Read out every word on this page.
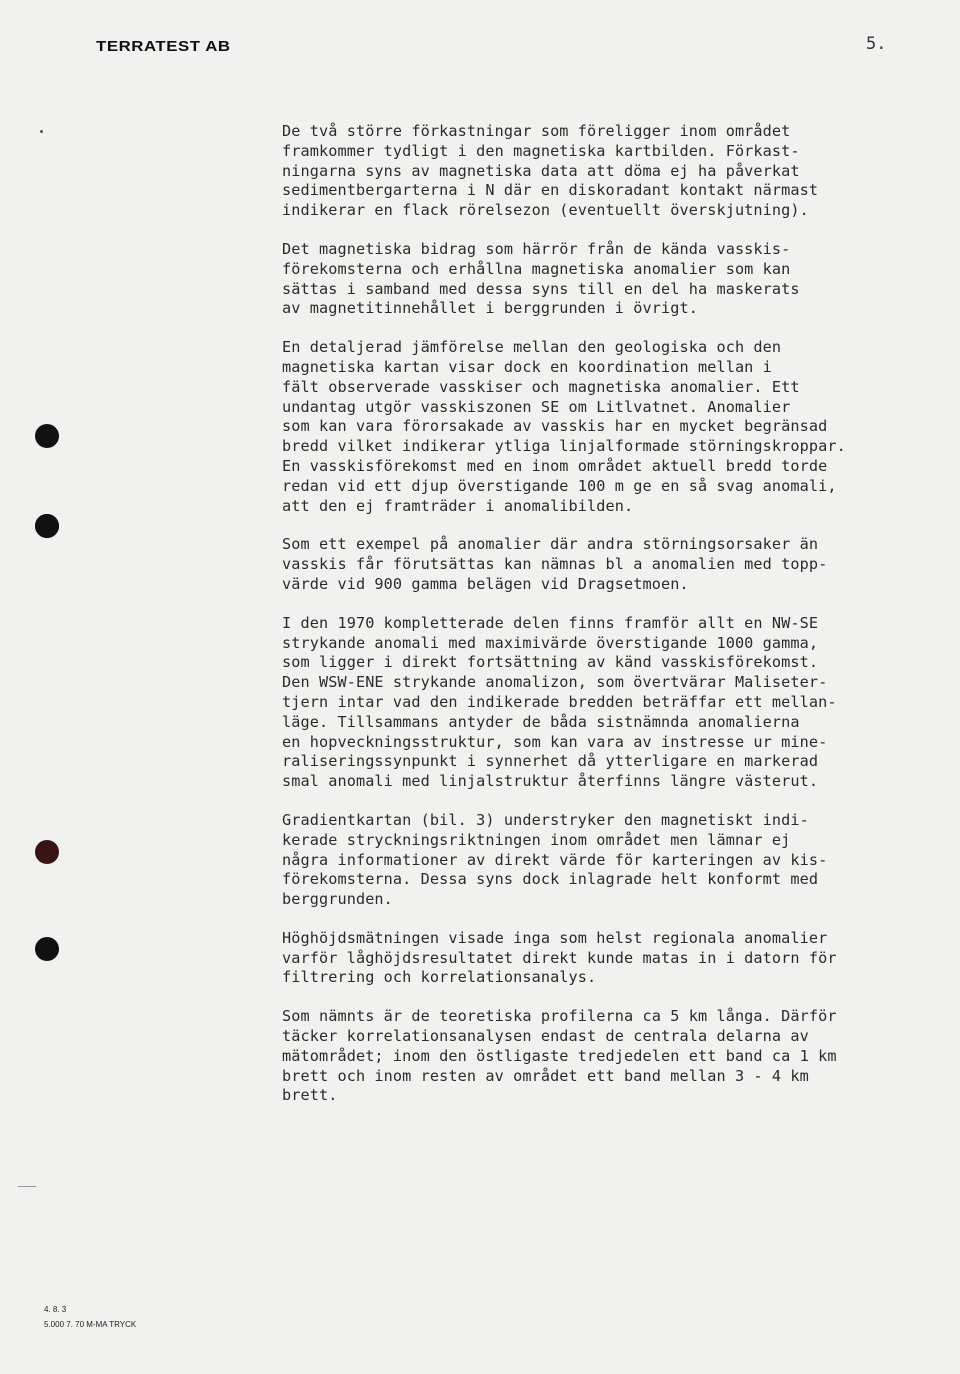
TERRATEST AB	5.
De två större förkastningar som föreligger inom området
framkommer tydligt i den magnetiska kartbilden. Förkast-
ningarna syns av magnetiska data att döma ej ha påverkat
sedimentbergarterna i N där en diskoradant kontakt närmast
indikerar en flack rörelsezon (eventuellt överskjutning).
Det magnetiska bidrag som härrör från de kända vasskis-
förekomsterna och erhållna magnetiska anomalier som kan
sättas i samband med dessa syns till en del ha maskerats
av magnetitinnehållet i berggrunden i övrigt.
En detaljerad jämförelse mellan den geologiska och den
magnetiska kartan visar dock en koordination mellan i
fält observerade vasskiser och magnetiska anomalier. Ett
undantag utgör vasskiszonen SE om Litlvatnet. Anomalier
som kan vara förorsakade av vasskis har en mycket begränsad
bredd vilket indikerar ytliga linjalformade störningskroppar.
En vasskisförekomst med en inom området aktuell bredd torde
redan vid ett djup överstigande 100 m ge en så svag anomali,
att den ej framträder i anomalibilden.
Som ett exempel på anomalier där andra störningsorsaker än
vasskis får förutsättas kan nämnas bl a anomalien med topp-
värde vid 900 gamma belägen vid Dragsetmoen.
I den 1970 kompletterade delen finns framför allt en NW-SE
strykande anomali med maximivärde överstigande 1000 gamma,
som ligger i direkt fortsättning av känd vasskisförekomst.
Den WSW-ENE strykande anomalizon, som övertvärar Maliseter-
tjern intar vad den indikerade bredden beträffar ett mellan-
läge. Tillsammans antyder de båda sistnämnda anomalierna
en hopveckningsstruktur, som kan vara av instresse ur mine-
raliseringssynpunkt i synnerhet då ytterligare en markerad
smal anomali med linjalstruktur återfinns längre västerut.
Gradientkartan (bil. 3) understryker den magnetiskt indi-
kerade stryckningsriktningen inom området men lämnar ej
några informationer av direkt värde för karteringen av kis-
förekomsterna. Dessa syns dock inlagrade helt konformt med
berggrunden.
Höghöjdsmätningen visade inga som helst regionala anomalier
varför låghöjdsresultatet direkt kunde matas in i datorn för
filtrering och korrelationsanalys.
Som nämnts är de teoretiska profilerna ca 5 km långa. Därför
täcker korrelationsanalysen endast de centrala delarna av
mätområdet; inom den östligaste tredjedelen ett band ca 1 km
brett och inom resten av området ett band mellan 3 - 4 km
brett.
4. 8. 3
5.000 7. 70 M-MA TRYCK
